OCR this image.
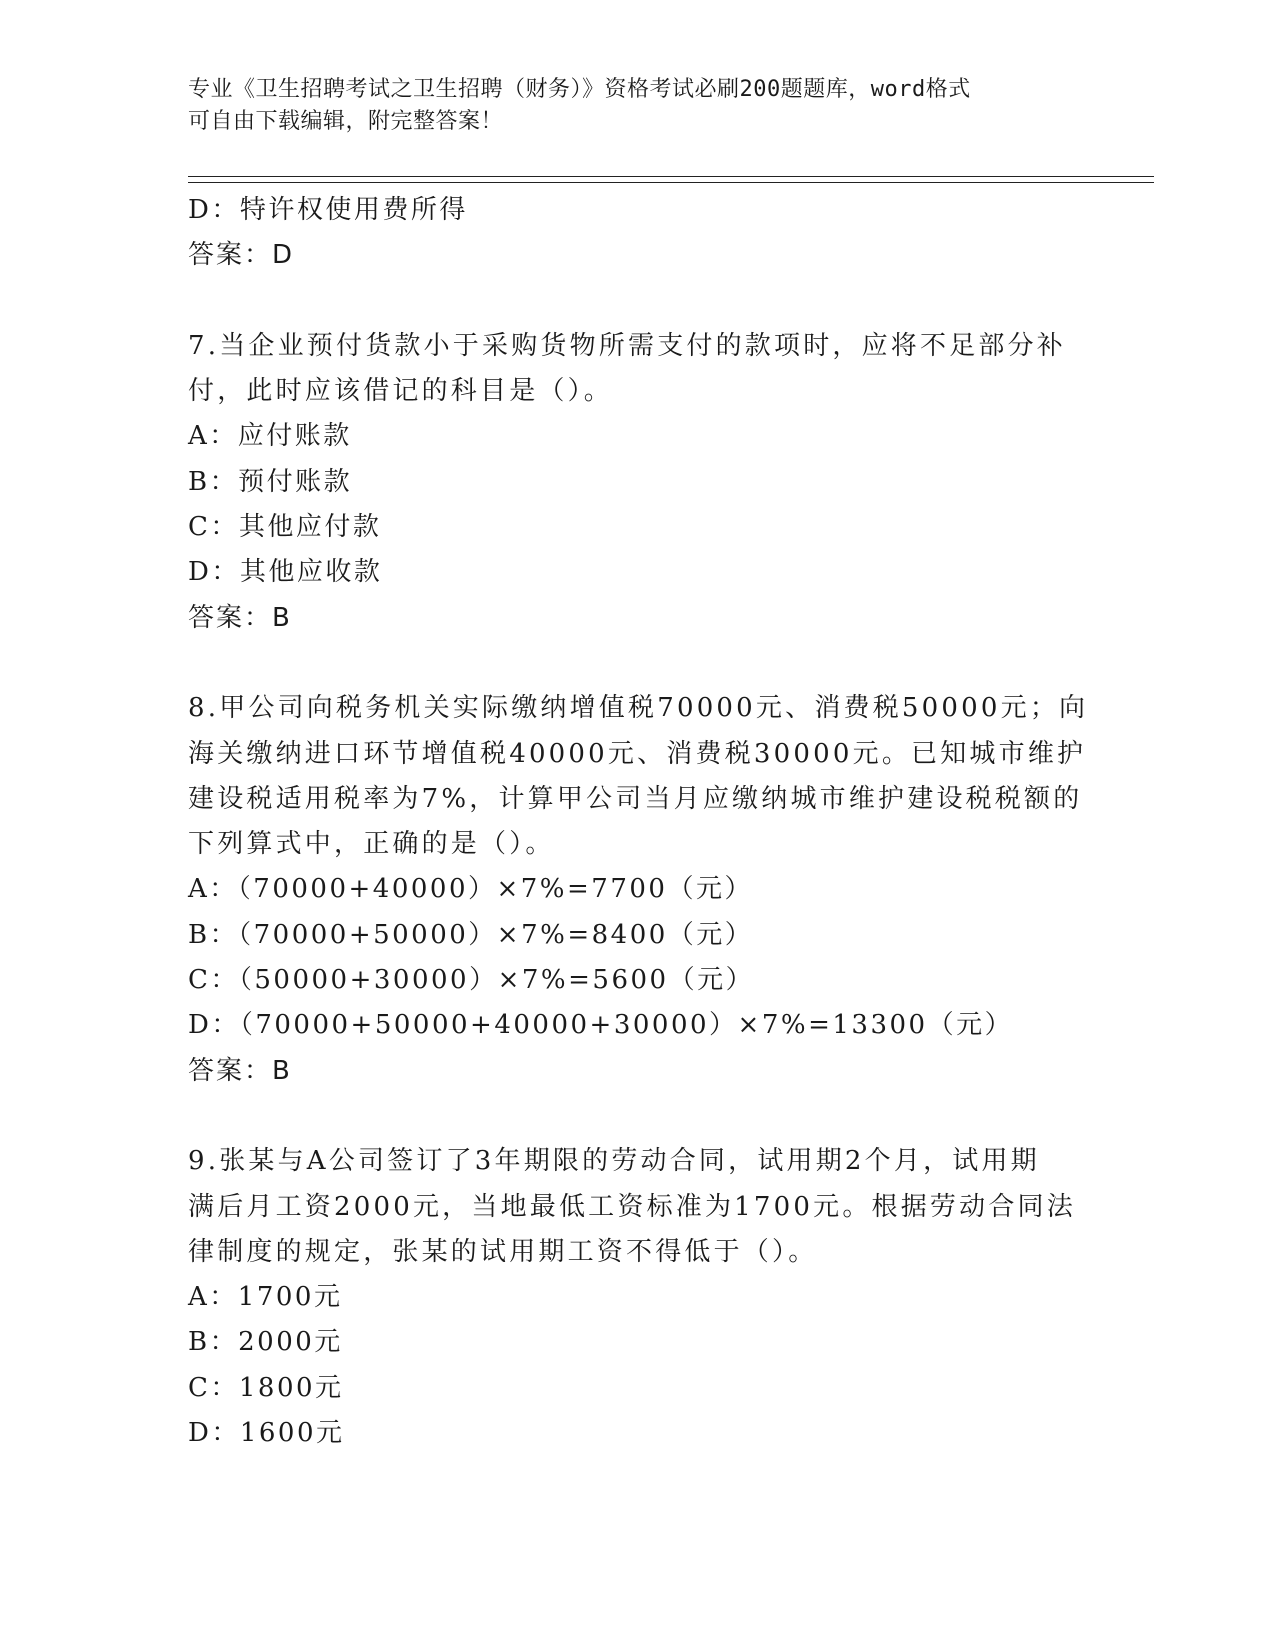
专业《卫生招聘考试之卫生招聘（财务）》资格考试必刷200题题库，word格式
可自由下载编辑，附完整答案！
D：特许权使用费所得
答案：D
7.当企业预付货款小于采购货物所需支付的款项时，应将不足部分补
付，此时应该借记的科目是（）。
A：应付账款
B：预付账款
C：其他应付款
D：其他应收款
答案：B
8.甲公司向税务机关实际缴纳增值税70000元、消费税50000元；向
海关缴纳进口环节增值税40000元、消费税30000元。已知城市维护
建设税适用税率为7%，计算甲公司当月应缴纳城市维护建设税税额的
下列算式中，正确的是（）。
A：（70000+40000）×7%=7700（元）
B：（70000+50000）×7%=8400（元）
C：（50000+30000）×7%=5600（元）
D：（70000+50000+40000+30000）×7%=13300（元）
答案：B
9.张某与A公司签订了3年期限的劳动合同，试用期2个月，试用期
满后月工资2000元，当地最低工资标准为1700元。根据劳动合同法
律制度的规定，张某的试用期工资不得低于（）。
A：1700元
B：2000元
C：1800元
D：1600元
